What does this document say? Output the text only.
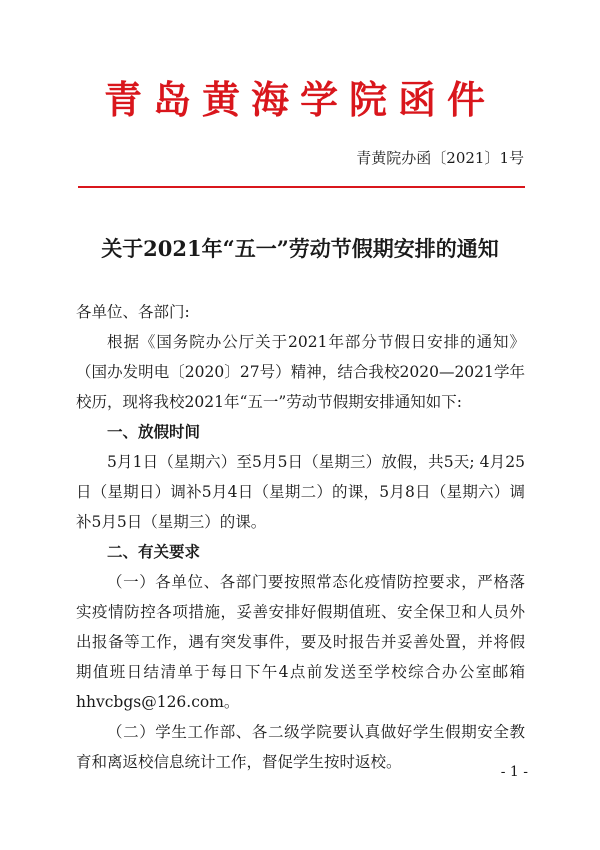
青岛黄海学院函件
青黄院办函〔2021〕1号
关于2021年“五一”劳动节假期安排的通知

各单位、各部门:

根据《国务院办公厅关于2021年部分节假日安排的通知》（国办发明电〔2020〕27号）精神，结合我校2020—2021学年校历，现将我校2021年“五一”劳动节假期安排通知如下:

一、放假时间

5月1日（星期六）至5月5日（星期三）放假，共5天; 4月25日（星期日）调补5月4日（星期二）的课，5月8日（星期六）调补5月5日（星期三）的课。

二、有关要求

（一）各单位、各部门要按照常态化疫情防控要求，严格落实疫情防控各项措施，妥善安排好假期值班、安全保卫和人员外出报备等工作，遇有突发事件，要及时报告并妥善处置，并将假期值班日结清单于每日下午4点前发送至学校综合办公室邮箱hhvcbgs@126.com。

（二）学生工作部、各二级学院要认真做好学生假期安全教育和离返校信息统计工作，督促学生按时返校。

- 1 -
